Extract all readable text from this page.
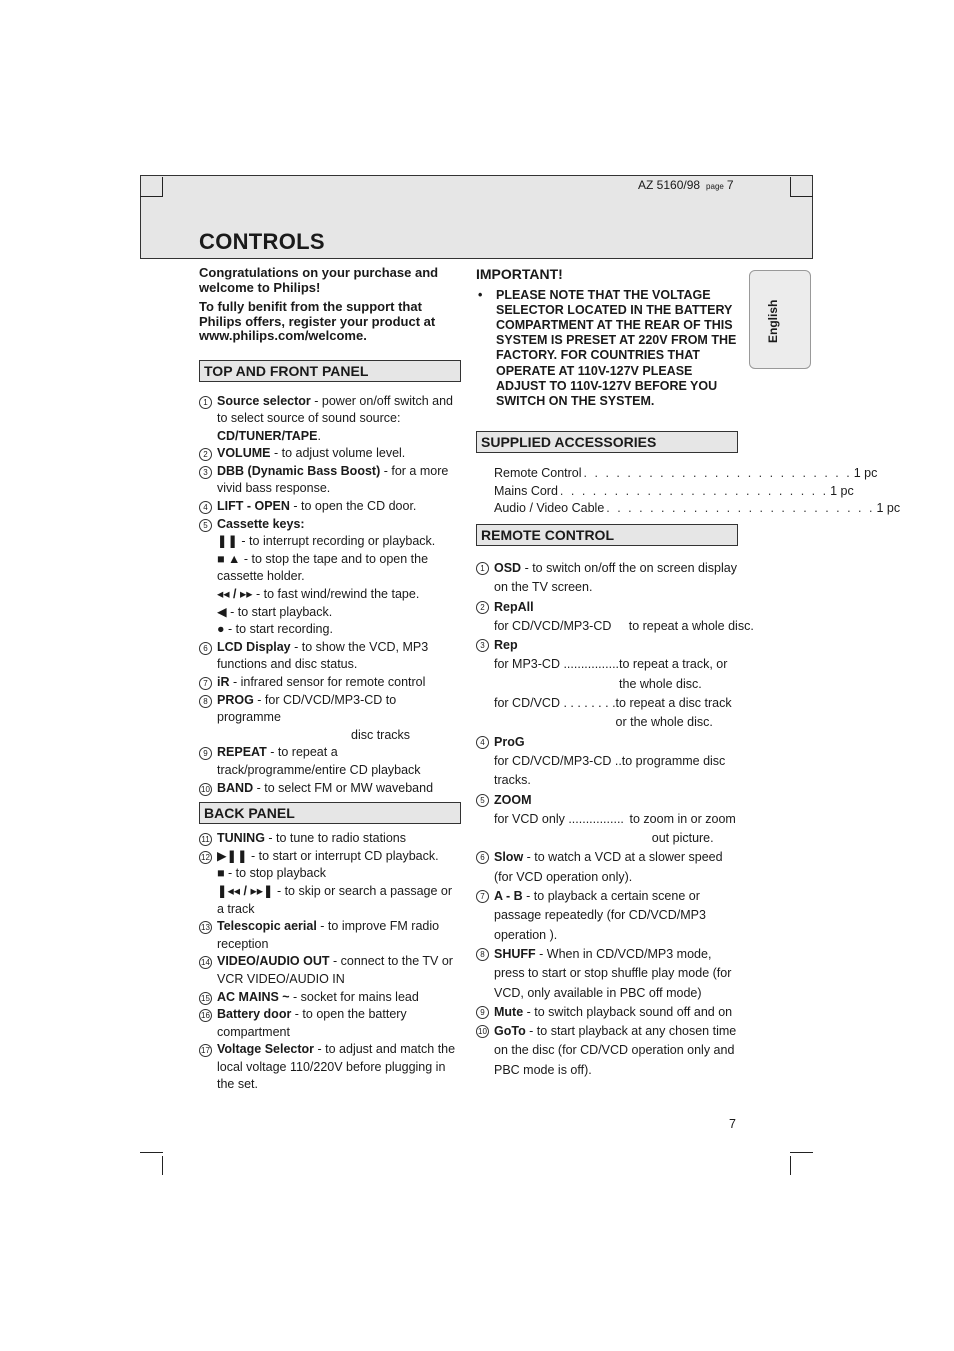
AZ 5160/98 page 7
CONTROLS
English

Congratulations on your purchase and welcome to Philips!

To fully benifit from the support that Philips offers, register your product at www.philips.com/welcome.

TOP AND FRONT PANEL
1 Source selector - power on/off switch and to select source of sound source:
CD/TUNER/TAPE.
2 VOLUME - to adjust volume level.
3 DBB (Dynamic Bass Boost) - for a more vivid bass response.
4 LIFT - OPEN - to open the CD door.
5 Cassette keys:
❚❚ - to interrupt recording or playback.
■ ▲ - to stop the tape and to open the cassette holder.
◂◂ / ▸▸ - to fast wind/rewind the tape.
◀ - to start playback.
● - to start recording.
6 LCD Display - to show the VCD, MP3 functions and disc status.
7 iR - infrared sensor for remote control
8 PROG - for CD/VCD/MP3-CD to programme
disc tracks
9 REPEAT - to repeat a track/programme/entire CD playback
10 BAND - to select FM or MW waveband
BACK PANEL
11 TUNING - to tune to radio stations
12 ▶❚❚ - to start or interrupt CD playback.
■ - to stop playback
❚◂◂ / ▸▸❚ - to skip or search a passage or a track
13 Telescopic aerial - to improve FM radio reception
14 VIDEO/AUDIO OUT - connect to the TV or VCR VIDEO/AUDIO IN
15 AC MAINS ~ - socket for mains lead
16 Battery door - to open the battery compartment
17 Voltage Selector - to adjust and match the local voltage 110/220V before plugging in the set.
IMPORTANT!
• PLEASE NOTE THAT THE VOLTAGE SELECTOR LOCATED IN THE BATTERY COMPARTMENT AT THE REAR OF THIS SYSTEM IS PRESET AT 220V FROM THE FACTORY. FOR COUNTRIES THAT OPERATE AT 110V-127V PLEASE ADJUST TO 110V-127V BEFORE YOU SWITCH ON THE SYSTEM.
SUPPLIED ACCESSORIES
Remote Control . . . . . . . . . . . . . . . . . . . . . . . . . 1 pc
Mains Cord . . . . . . . . . . . . . . . . . . . . . . . . . 1 pc
Audio / Video Cable . . . . . . . . . . . . . . . . . . . . . . . . . 1 pc
REMOTE CONTROL
1 OSD - to switch on/off the on screen display on the TV screen.
2 RepAll
for CD/VCD/MP3-CD     to repeat a whole disc.
3 Rep
for MP3-CD ................ to repeat a track, or the whole disc.
for CD/VCD . . . . . . . . to repeat a disc track or the whole disc.
4 ProG
for CD/VCD/MP3-CD ..to programme disc tracks.
5 ZOOM
for VCD only ................ to zoom in or zoom out picture.
6 Slow - to watch a VCD at a slower speed (for VCD operation only).
7 A - B - to playback a certain scene or passage repeatedly (for CD/VCD/MP3 operation ).
8 SHUFF - When in CD/VCD/MP3 mode, press to start or stop shuffle play mode (for VCD, only available in PBC off mode)
9 Mute - to switch playback sound off and on
10 GoTo - to start playback at any chosen time on the disc (for CD/VCD operation only and PBC mode is off).
7
